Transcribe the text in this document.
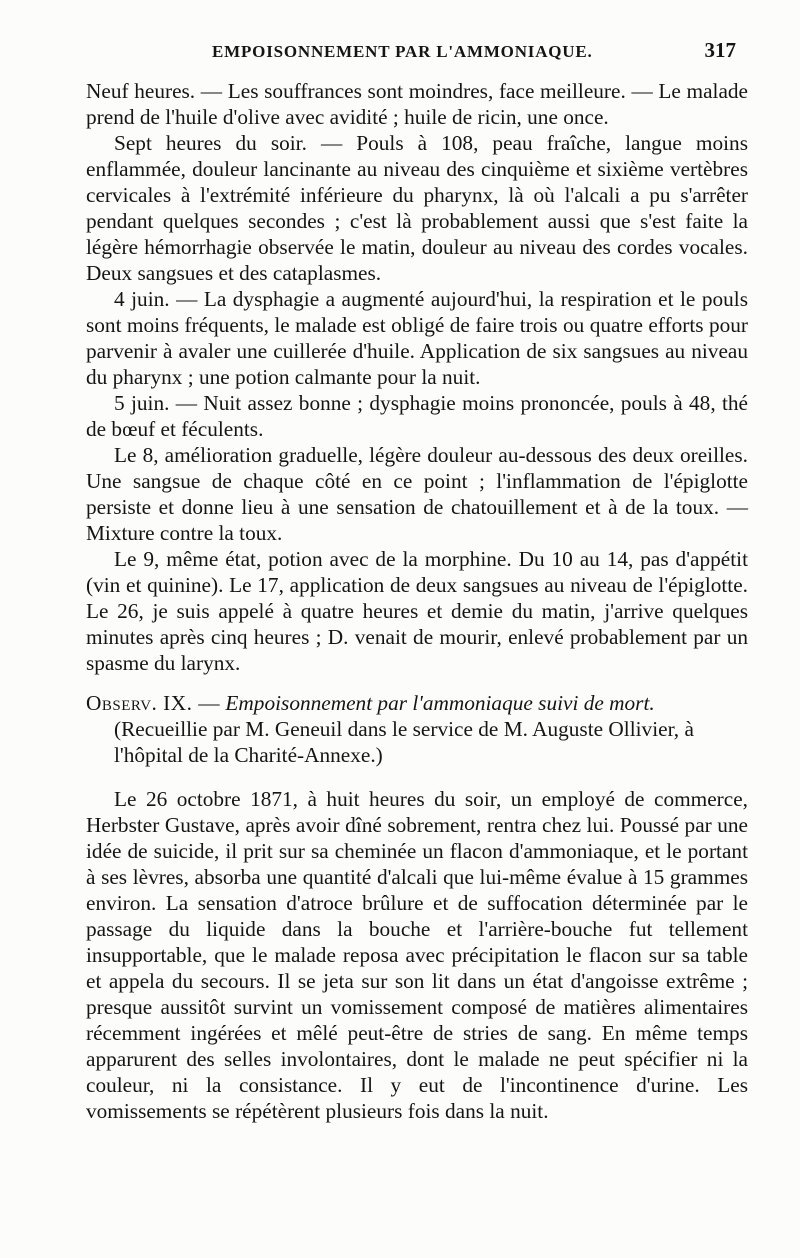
EMPOISONNEMENT PAR L'AMMONIAQUE.	317

Neuf heures. — Les souffrances sont moindres, face meilleure. — Le malade prend de l'huile d'olive avec avidité ; huile de ricin, une once.

Sept heures du soir. — Pouls à 108, peau fraîche, langue moins enflammée, douleur lancinante au niveau des cinquième et sixième vertèbres cervicales à l'extrémité inférieure du pharynx, là où l'alcali a pu s'arrêter pendant quelques secondes ; c'est là probablement aussi que s'est faite la légère hémorrhagie observée le matin, douleur au niveau des cordes vocales. Deux sangsues et des cataplasmes.

4 juin. — La dysphagie a augmenté aujourd'hui, la respiration et le pouls sont moins fréquents, le malade est obligé de faire trois ou quatre efforts pour parvenir à avaler une cuillerée d'huile. Application de six sangsues au niveau du pharynx ; une potion calmante pour la nuit.

5 juin. — Nuit assez bonne ; dysphagie moins prononcée, pouls à 48, thé de bœuf et féculents.

Le 8, amélioration graduelle, légère douleur au-dessous des deux oreilles. Une sangsue de chaque côté en ce point ; l'inflammation de l'épiglotte persiste et donne lieu à une sensation de chatouillement et à de la toux. — Mixture contre la toux.

Le 9, même état, potion avec de la morphine. Du 10 au 14, pas d'appétit (vin et quinine). Le 17, application de deux sangsues au niveau de l'épiglotte. Le 26, je suis appelé à quatre heures et demie du matin, j'arrive quelques minutes après cinq heures ; D. venait de mourir, enlevé probablement par un spasme du larynx.

Observ. IX. — Empoisonnement par l'ammoniaque suivi de mort.

(Recueillie par M. Geneuil dans le service de M. Auguste Ollivier, à l'hôpital de la Charité-Annexe.)

Le 26 octobre 1871, à huit heures du soir, un employé de commerce, Herbster Gustave, après avoir dîné sobrement, rentra chez lui. Poussé par une idée de suicide, il prit sur sa cheminée un flacon d'ammoniaque, et le portant à ses lèvres, absorba une quantité d'alcali que lui-même évalue à 15 grammes environ. La sensation d'atroce brûlure et de suffocation déterminée par le passage du liquide dans la bouche et l'arrière-bouche fut tellement insupportable, que le malade reposa avec précipitation le flacon sur sa table et appela du secours. Il se jeta sur son lit dans un état d'angoisse extrême ; presque aussitôt survint un vomissement composé de matières alimentaires récemment ingérées et mêlé peut-être de stries de sang. En même temps apparurent des selles involontaires, dont le malade ne peut spécifier ni la couleur, ni la consistance. Il y eut de l'incontinence d'urine. Les vomissements se répétèrent plusieurs fois dans la nuit.
